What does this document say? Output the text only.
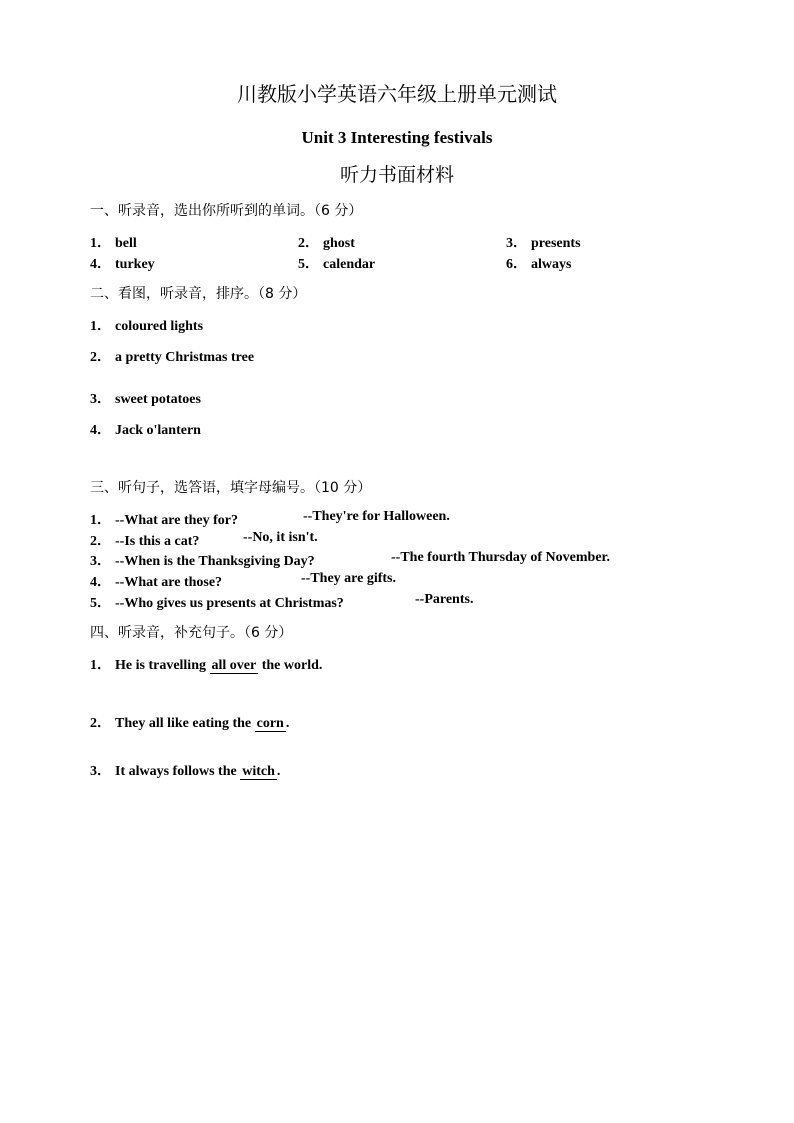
川教版小学英语六年级上册单元测试
Unit 3 Interesting festivals
听力书面材料
一、听录音，选出你所听到的单词。（6 分）
1． bell	2． ghost	3． presents
4． turkey	5． calendar	6． always
二、看图，听录音，排序。（8 分）
1． coloured lights
2． a pretty Christmas tree
3． sweet potatoes
4． Jack o'lantern
三、听句子，选答语，填字母编号。（10 分）
1． --What are they for?	--They're for Halloween.
2． --Is this a cat?	--No, it isn't.
3． --When is the Thanksgiving Day?	--The fourth Thursday of November.
4． --What are those?	--They are gifts.
5． --Who gives us presents at Christmas?	--Parents.
四、听录音，补充句子。（6 分）
1． He is travelling all over the world.
2． They all like eating the corn .
3． It always follows the witch .
